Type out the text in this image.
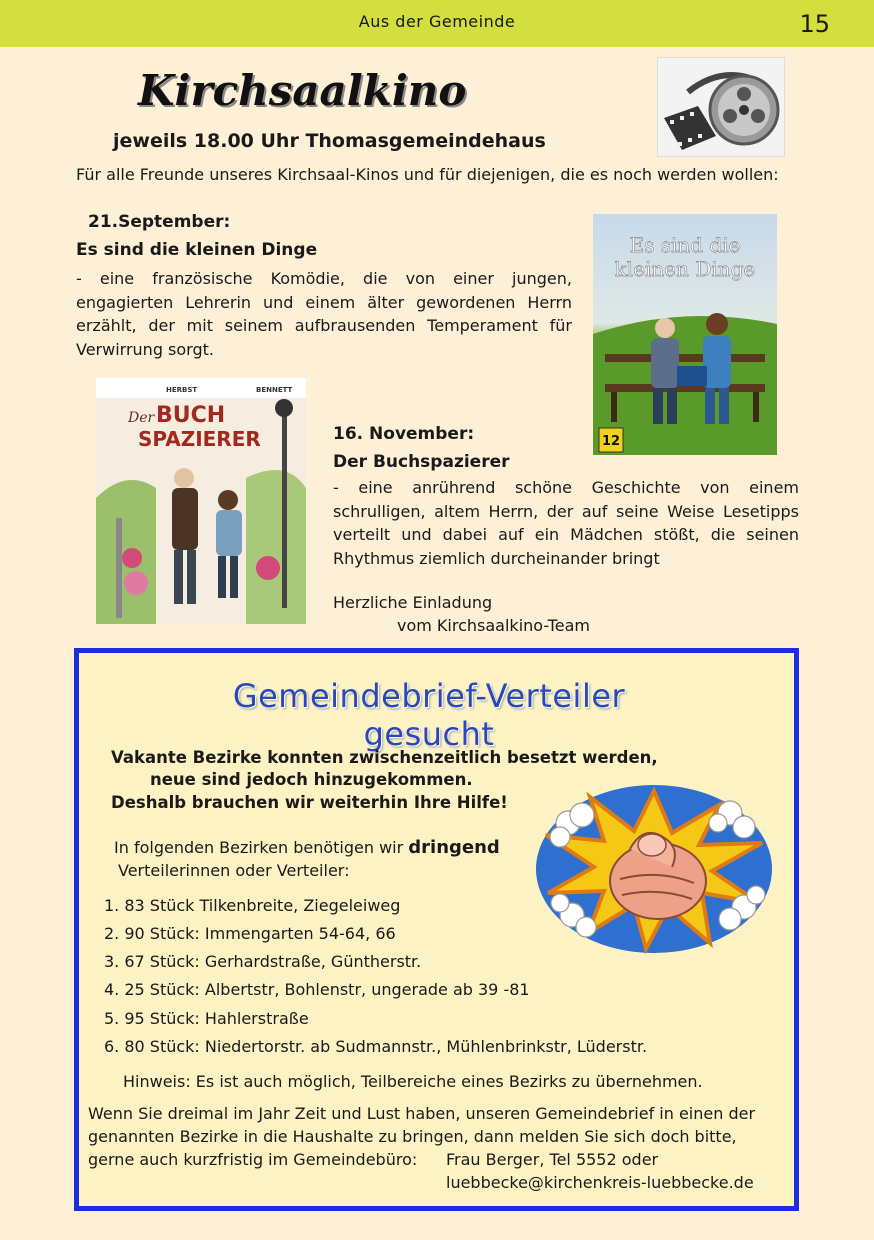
Aus der Gemeinde	15
Kirchsaalkino
jeweils 18.00 Uhr Thomasgemeindehaus
Für alle Freunde unseres Kirchsaal-Kinos und für diejenigen, die es noch werden wollen:
21.September:
Es sind die kleinen Dinge
- eine französische Komödie, die von einer jungen, engagierten Lehrerin und einem älter gewordenen Herrn erzählt, der mit seinem aufbrausenden Temperament für Verwirrung sorgt.
Es sind die
kleinen Dinge
12
HERBST	BENNETT
Der BUCH
SPAZIERER	16. November:
Der Buchspazierer
- eine anrührend schöne Geschichte von einem schrulligen, altem Herrn, der auf seine Weise Lesetipps verteilt und dabei auf ein Mädchen stößt, die seinen Rhythmus ziemlich durcheinander bringt
Herzliche Einladung
vom Kirchsaalkino-Team
Gemeindebrief-Verteiler gesucht
Vakante Bezirke konnten zwischenzeitlich besetzt werden,
neue sind jedoch hinzugekommen.
Deshalb brauchen wir weiterhin Ihre Hilfe!
In folgenden Bezirken benötigen wir dringend
Verteilerinnen oder Verteiler:
1. 83 Stück Tilkenbreite, Ziegeleiweg
2. 90 Stück: Immengarten 54-64, 66
3. 67 Stück: Gerhardstraße, Güntherstr.
4. 25 Stück: Albertstr, Bohlenstr, ungerade ab 39 -81
5. 95 Stück: Hahlerstraße
6. 80 Stück: Niedertorstr. ab Sudmannstr., Mühlenbrinkstr, Lüderstr.
Hinweis: Es ist auch möglich, Teilbereiche eines Bezirks zu übernehmen.
Wenn Sie dreimal im Jahr Zeit und Lust haben, unseren Gemeindebrief in einen der
genannten Bezirke in die Haushalte zu bringen, dann melden Sie sich doch bitte,
gerne auch kurzfristig im Gemeindebüro: Frau Berger, Tel 5552 oder
luebbecke@kirchenkreis-luebbecke.de
